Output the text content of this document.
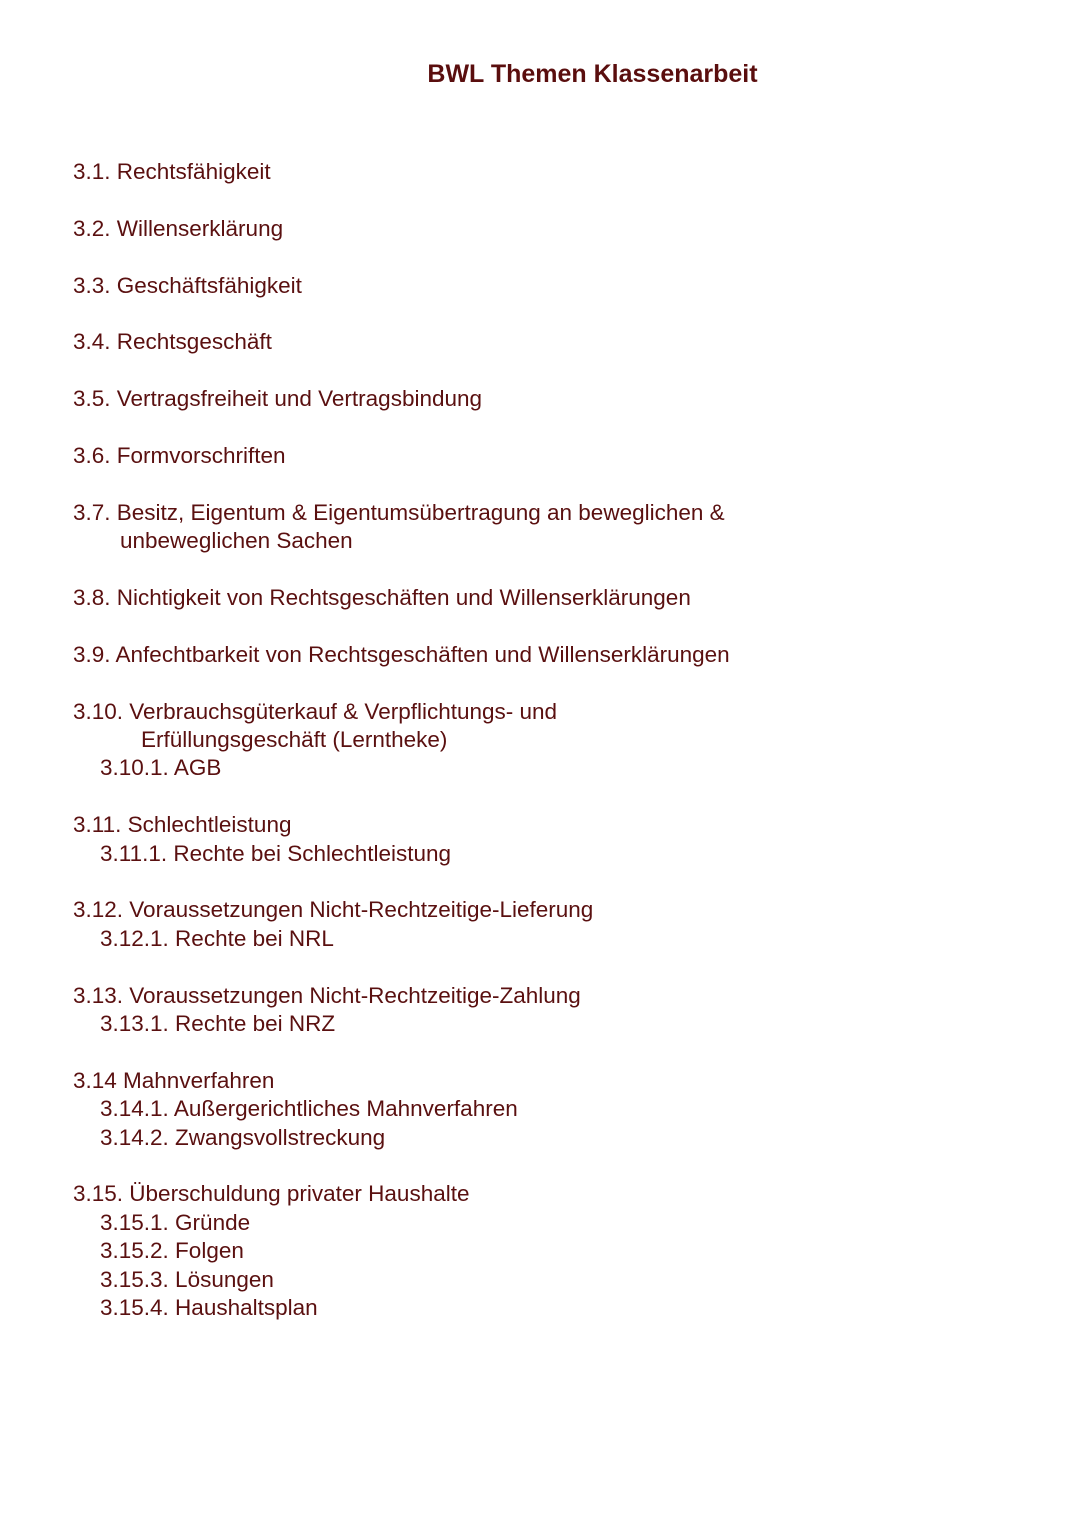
BWL Themen Klassenarbeit
3.1. Rechtsfähigkeit
3.2. Willenserklärung
3.3. Geschäftsfähigkeit
3.4. Rechtsgeschäft
3.5. Vertragsfreiheit und Vertragsbindung
3.6. Formvorschriften
3.7. Besitz, Eigentum & Eigentumsübertragung an beweglichen &
unbeweglichen Sachen
3.8. Nichtigkeit von Rechtsgeschäften und Willenserklärungen
3.9. Anfechtbarkeit von Rechtsgeschäften und Willenserklärungen
3.10. Verbrauchsgüterkauf & Verpflichtungs- und
Erfüllungsgeschäft (Lerntheke)
3.10.1. AGB
3.11. Schlechtleistung
3.11.1. Rechte bei Schlechtleistung
3.12. Voraussetzungen Nicht-Rechtzeitige-Lieferung
3.12.1. Rechte bei NRL
3.13. Voraussetzungen Nicht-Rechtzeitige-Zahlung
3.13.1. Rechte bei NRZ
3.14 Mahnverfahren
3.14.1. Außergerichtliches Mahnverfahren
3.14.2. Zwangsvollstreckung
3.15. Überschuldung privater Haushalte
3.15.1. Gründe
3.15.2. Folgen
3.15.3. Lösungen
3.15.4. Haushaltsplan
